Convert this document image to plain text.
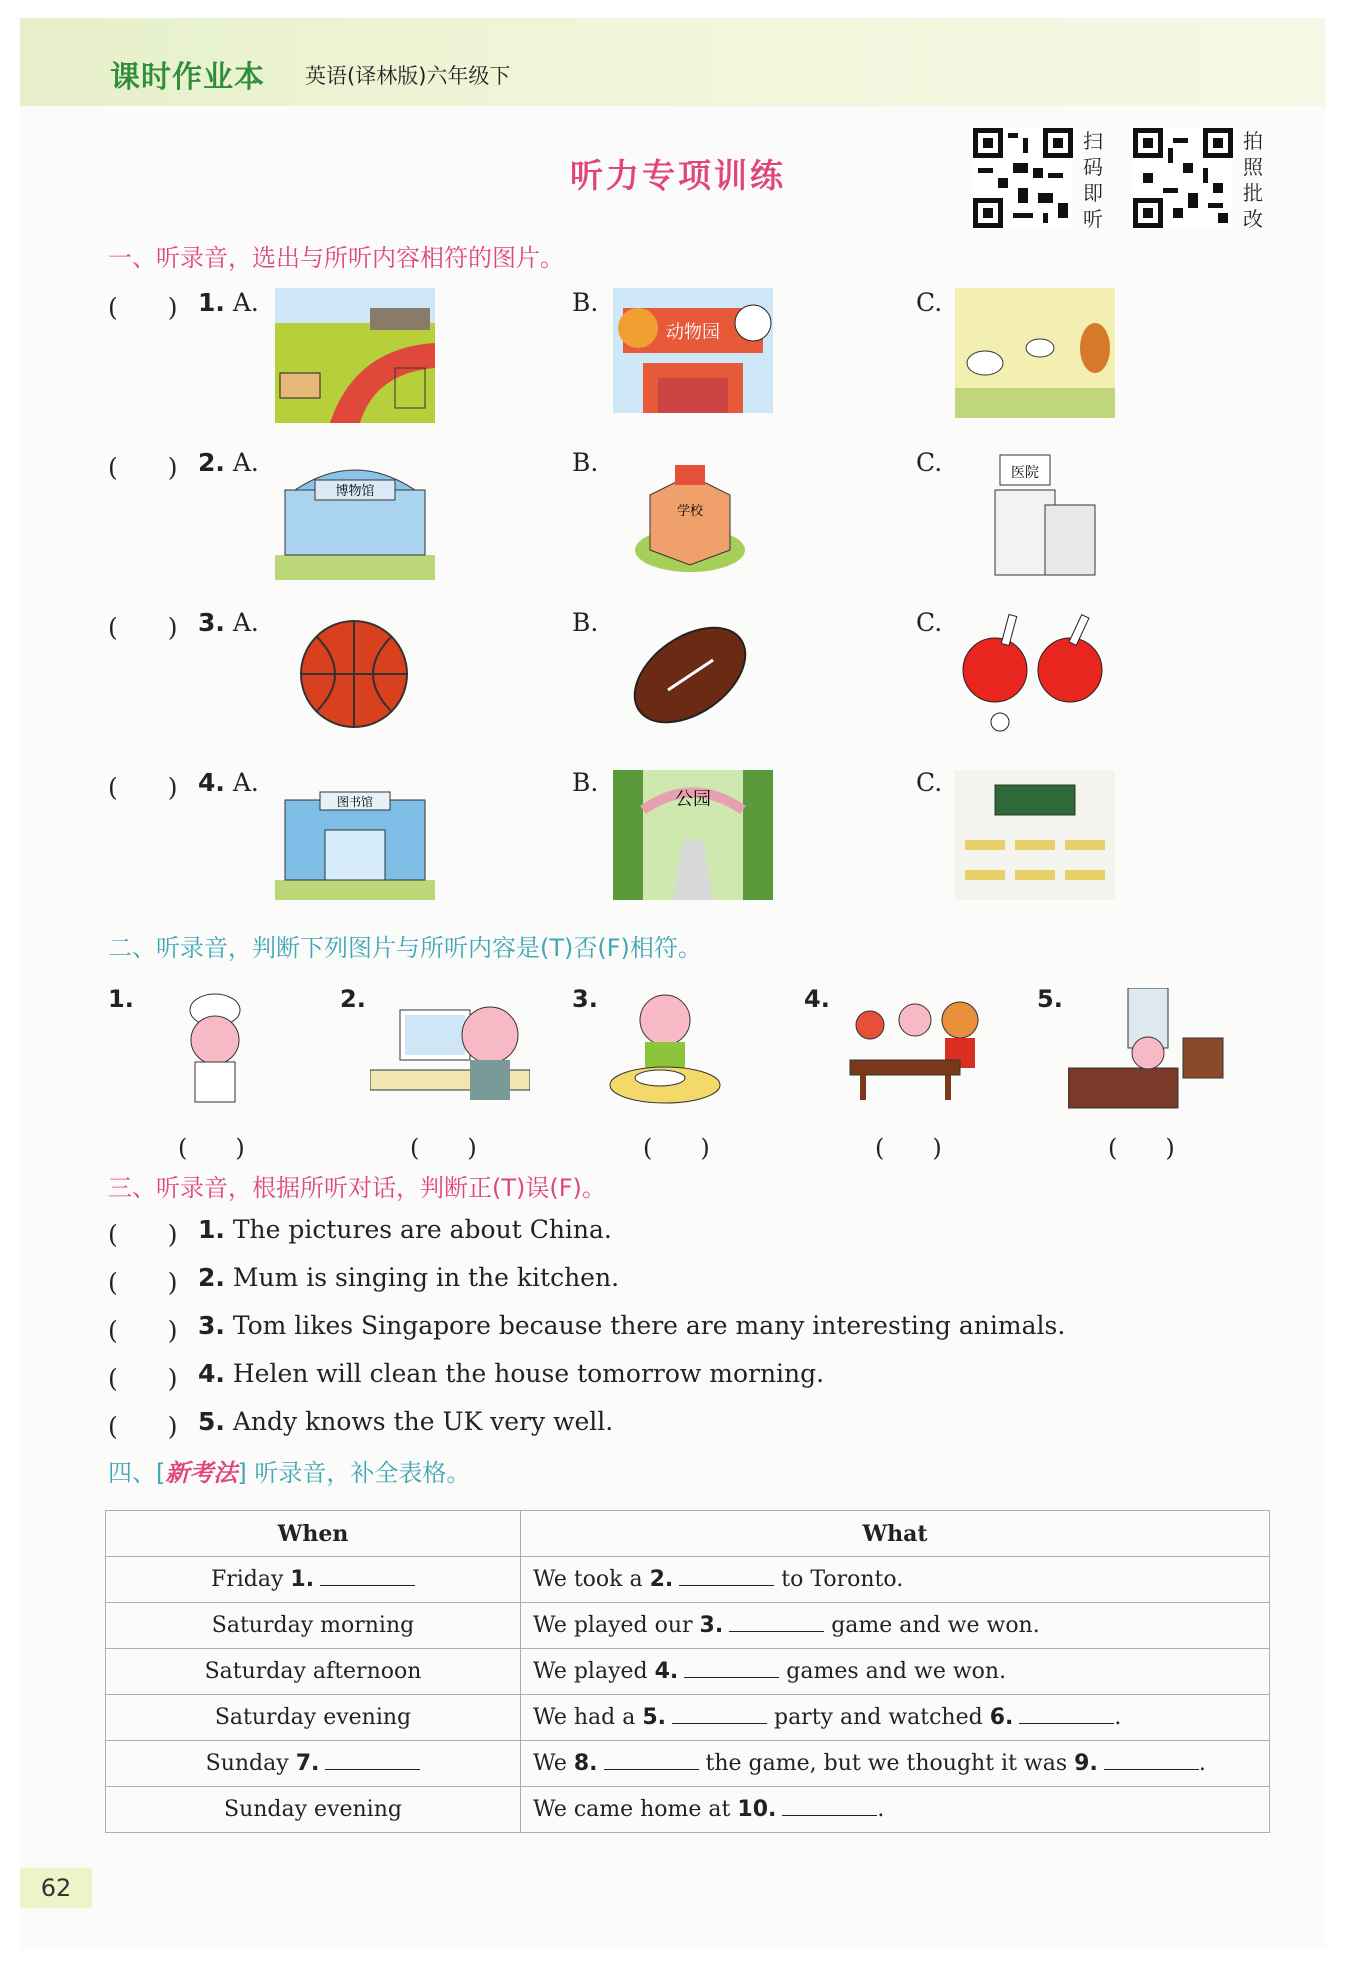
课时作业本 英语(译林版)六年级下
听力专项训练
扫
码
即
听
拍
照
批
改
一、听录音，选出与所听内容相符的图片。
(　　) 1. A.	B.
动物园
C.
(　　) 2. A.
博物馆
B.
学校
C.	医院
(　　) 3. A.	B.	C.
(　　) 4. A.
图书馆
B.
公园
C.
二、听录音，判断下列图片与所听内容是(T)否(F)相符。
1.
(　　)
2.
(　　)
3.
(　　)
4.
(　　)
5.
(　　)
三、听录音，根据所听对话，判断正(T)误(F)。
(　　) 1. The pictures are about China.
(　　) 2. Mum is singing in the kitchen.
(　　) 3. Tom likes Singapore because there are many interesting animals.
(　　) 4. Helen will clean the house tomorrow morning.
(　　) 5. Andy knows the UK very well.
四、[新考法] 听录音，补全表格。
When	What
Friday 1.	We took a 2. to Toronto.
Saturday morning	We played our 3. game and we won.
Saturday afternoon	We played 4. games and we won.
Saturday evening	We had a 5. party and watched 6. .
Sunday 7.	We 8. the game, but we thought it was 9. .
Sunday evening	We came home at 10. .
62
